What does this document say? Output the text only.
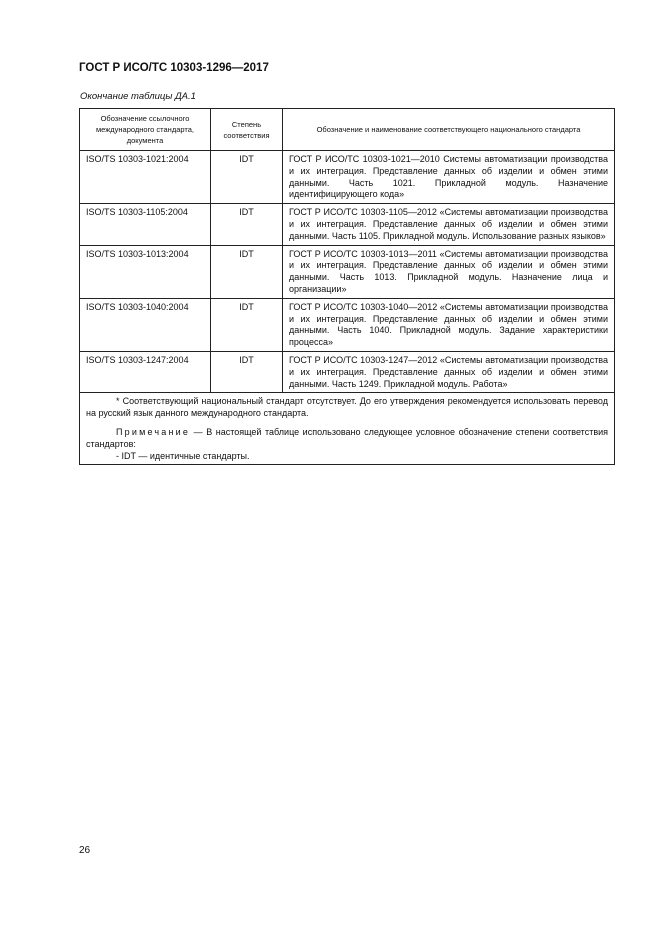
ГОСТ Р ИСО/ТС 10303-1296—2017
Окончание таблицы ДА.1
Обозначение ссылочного международного стандарта, документа	Степень соответствия	Обозначение и наименование соответствующего национального стандарта
ISO/TS 10303-1021:2004	IDT	ГОСТ Р ИСО/ТС 10303-1021—2010 Системы автоматизации производства и их интеграция. Представление данных об изделии и обмен этими данными. Часть 1021. Прикладной модуль. Назначение идентифицирующего кода»
ISO/TS 10303-1105:2004	IDT	ГОСТ Р ИСО/ТС 10303-1105—2012 «Системы автоматизации производства и их интеграция. Представление данных об изделии и обмен этими данными. Часть 1105. Прикладной модуль. Использование разных языков»
ISO/TS 10303-1013:2004	IDT	ГОСТ Р ИСО/ТС 10303-1013—2011 «Системы автоматизации производства и их интеграция. Представление данных об изделии и обмен этими данными. Часть 1013. Прикладной модуль. Назначение лица и организации»
ISO/TS 10303-1040:2004	IDT	ГОСТ Р ИСО/ТС 10303-1040—2012 «Системы автоматизации производства и их интеграция. Представление данных об изделии и обмен этими данными. Часть 1040. Прикладной модуль. Задание характеристики процесса»
ISO/TS 10303-1247:2004	IDT	ГОСТ Р ИСО/ТС 10303-1247—2012 «Системы автоматизации производства и их интеграция. Представление данных об изделии и обмен этими данными. Часть 1249. Прикладной модуль. Работа»

* Соответствующий национальный стандарт отсутствует. До его утверждения рекомендуется использовать перевод на русский язык данного международного стандарта.
Примечание — В настоящей таблице использовано следующее условное обозначение степени соответствия стандартов:
- IDT — идентичные стандарты.		
26
